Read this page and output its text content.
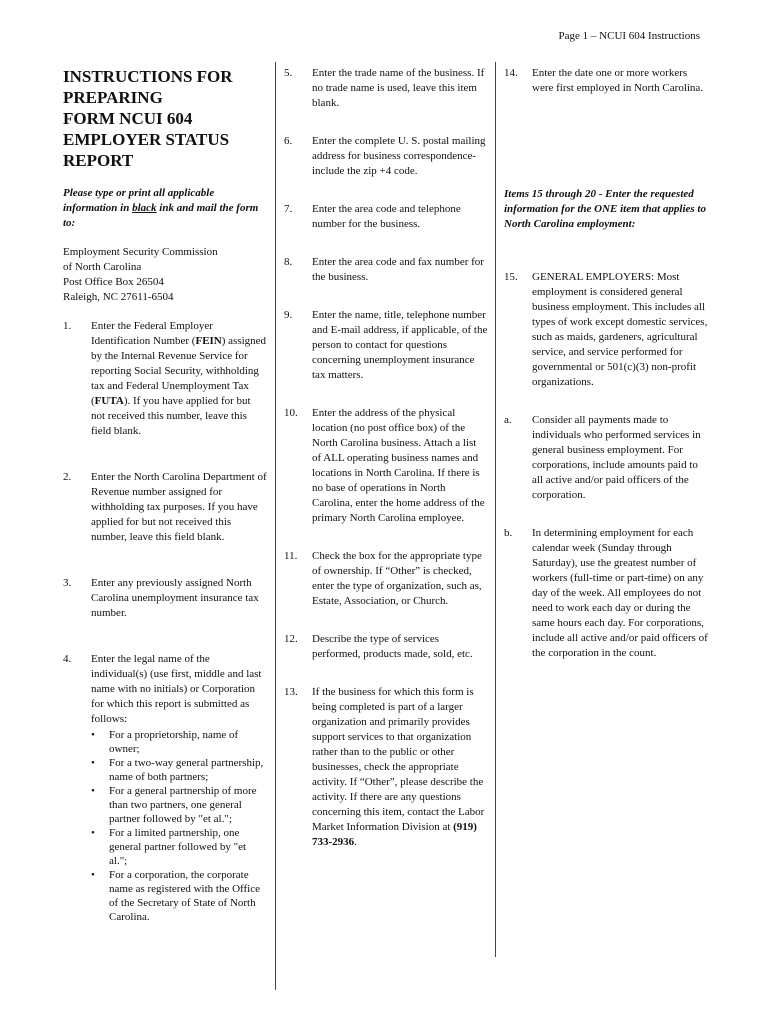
Page 1 – NCUI 604 Instructions
INSTRUCTIONS FOR
PREPARING
FORM NCUI 604
EMPLOYER STATUS
REPORT
Please type or print all applicable information in black ink and mail the form to:
Employment Security Commission
of North Carolina
Post Office Box 26504
Raleigh, NC 27611-6504
1.	Enter the Federal Employer Identification Number (FEIN) assigned by the Internal Revenue Service for reporting Social Security, withholding tax and Federal Unemployment Tax (FUTA). If you have applied for but not received this number, leave this field blank.
2.	Enter the North Carolina Department of Revenue number assigned for withholding tax purposes. If you have applied for but not received this number, leave this field blank.
3.	Enter any previously assigned North Carolina unemployment insurance tax number.
4.	Enter the legal name of the individual(s) (use first, middle and last name with no initials) or Corporation for which this report is submitted as follows:
• For a proprietorship, name of owner;
• For a two-way general partnership, name of both partners;
• For a general partnership of more than two partners, one general partner followed by "et al.";
• For a limited partnership, one general partner followed by "et al.";
• For a corporation, the corporate name as registered with the Office of the Secretary of State of North Carolina.
5.	Enter the trade name of the business. If no trade name is used, leave this item blank.
6.	Enter the complete U. S. postal mailing address for business correspondence-include the zip +4 code.
7.	Enter the area code and telephone number for the business.
8.	Enter the area code and fax number for the business.
9.	Enter the name, title, telephone number and E-mail address, if applicable, of the person to contact for questions concerning unemployment insurance tax matters.
10.	Enter the address of the physical location (no post office box) of the North Carolina business. Attach a list of ALL operating business names and locations in North Carolina. If there is no base of operations in North Carolina, enter the home address of the primary North Carolina employee.
11.	Check the box for the appropriate type of ownership. If “Other” is checked, enter the type of organization, such as, Estate, Association, or Church.
12.	Describe the type of services performed, products made, sold, etc.
13.	If the business for which this form is being completed is part of a larger organization and primarily provides support services to that organization rather than to the public or other businesses, check the appropriate activity. If “Other”, please describe the activity. If there are any questions concerning this item, contact the Labor Market Information Division at (919) 733-2936.
14.	Enter the date one or more workers were first employed in North Carolina.
Items 15 through 20 - Enter the requested information for the ONE item that applies to North Carolina employment:
15.	GENERAL EMPLOYERS: Most employment is considered general business employment. This includes all types of work except domestic services, such as maids, gardeners, agricultural service, and service performed for governmental or 501(c)(3) non-profit organizations.
a.	Consider all payments made to individuals who performed services in general business employment. For corporations, include amounts paid to all active and/or paid officers of the corporation.
b.	In determining employment for each calendar week (Sunday through Saturday), use the greatest number of workers (full-time or part-time) on any day of the week. All employees do not need to work each day or during the same hours each day. For corporations, include all active and/or paid officers of the corporation in the count.
